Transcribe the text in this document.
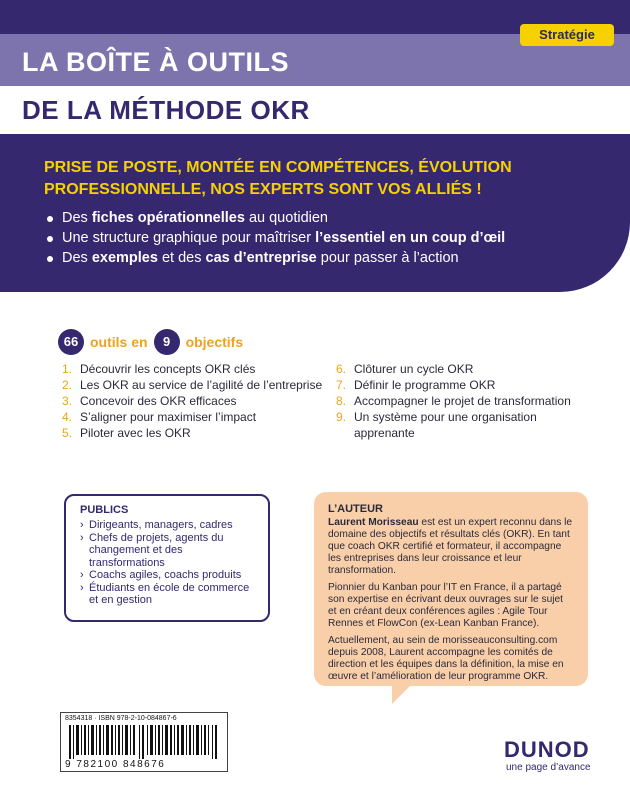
LA BOÎTE À OUTILS
Stratégie
DE LA MÉTHODE OKR

PRISE DE POSTE, MONTÉE EN COMPÉTENCES, ÉVOLUTION PROFESSIONNELLE, NOS EXPERTS SONT VOS ALLIÉS !

Des fiches opérationnelles au quotidien
Une structure graphique pour maîtriser l’essentiel en un coup d’œil
Des exemples et des cas d’entreprise pour passer à l’action
66 outils en	9	objectifs
1. Découvrir les concepts OKR clés
2. Les OKR au service de l’agilité de l’entreprise
3. Concevoir des OKR efficaces
4. S’aligner pour maximiser l’impact
5. Piloter avec les OKR
6. Clôturer un cycle OKR
7. Définir le programme OKR
8. Accompagner le projet de transformation
9. Un système pour une organisation apprenante
PUBLICS
› Dirigeants, managers, cadres
› Chefs de projets, agents du changement et des transformations
› Coachs agiles, coachs produits
› Étudiants en école de commerce et en gestion
L’AUTEUR

Laurent Morisseau est est un expert reconnu dans le domaine des objectifs et résultats clés (OKR). En tant que coach OKR certifié et formateur, il accompagne les entreprises dans leur croissance et leur transformation.

Pionnier du Kanban pour l’IT en France, il a partagé son expertise en écrivant deux ouvrages sur le sujet et en créant deux conférences agiles : Agile Tour Rennes et FlowCon (ex-Lean Kanban France).

Actuellement, au sein de morisseauconsulting.com depuis 2008, Laurent accompagne les comités de direction et les équipes dans la définition, la mise en œuvre et l’amélioration de leur programme OKR.

8354318 · ISBN 978-2-10-084867-6
9 782100 848676
DUNOD
une page d’avance
